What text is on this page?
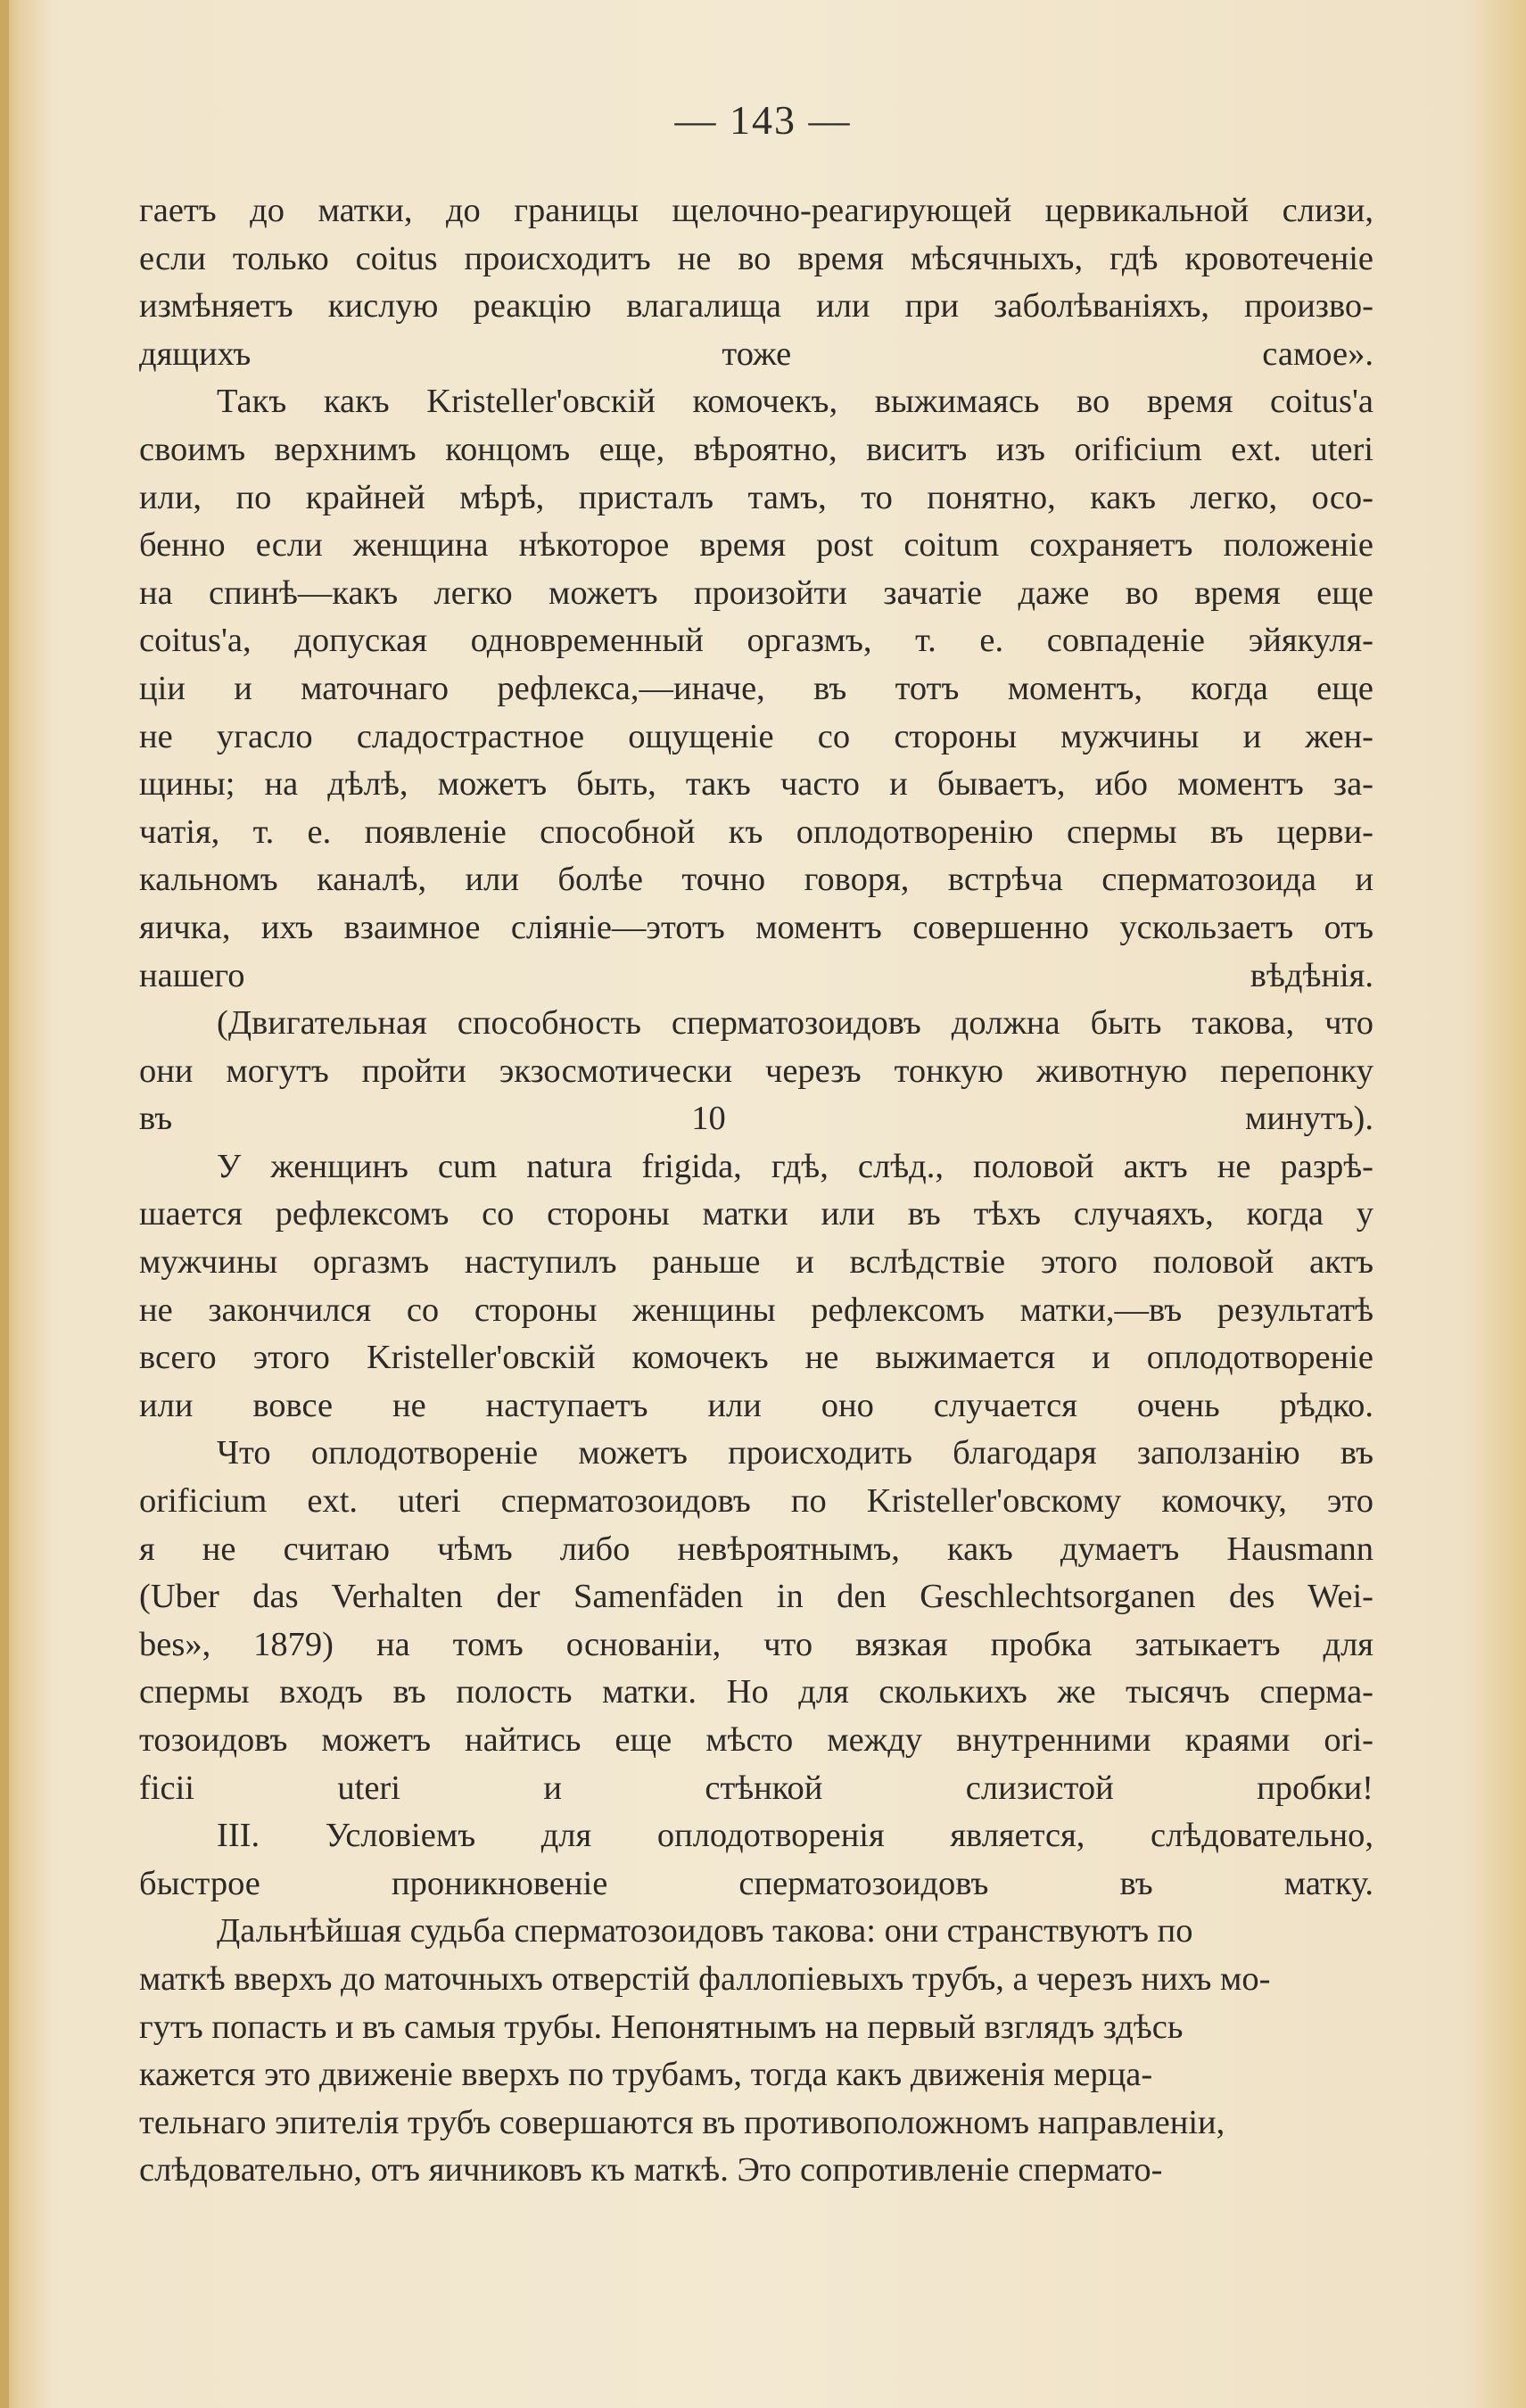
— 143 —

гаетъ до матки, до границы щелочно-реагирующей цервикальной слизи,
если только coitus происходитъ не во время мѣсячныхъ, гдѣ кровотеченіе
измѣняетъ кислую реакцію влагалища или при заболѣваніяхъ, произво-
дящихъ тоже самое».

Такъ какъ Kristeller'овскій комочекъ, выжимаясь во время coitus'а
своимъ верхнимъ концомъ еще, вѣроятно, виситъ изъ orificium ext. uteri
или, по крайней мѣрѣ, присталъ тамъ, то понятно, какъ легко, осо-
бенно если женщина нѣкоторое время post coitum сохраняетъ положеніе
на спинѣ—какъ легко можетъ произойти зачатіе даже во время еще
coitus'а, допуская одновременный оргазмъ, т. е. совпаденіе эйякуля-
ціи и маточнаго рефлекса,—иначе, въ тотъ моментъ, когда еще
не угасло сладострастное ощущеніе со стороны мужчины и жен-
щины; на дѣлѣ, можетъ быть, такъ часто и бываетъ, ибо моментъ за-
чатія, т. е. появленіе способной къ оплодотворенію спермы въ церви-
кальномъ каналѣ, или болѣе точно говоря, встрѣча сперматозоида и
яичка, ихъ взаимное сліяніе—этотъ моментъ совершенно ускользаетъ отъ
нашего вѣдѣнія.

(Двигательная способность сперматозоидовъ должна быть такова, что
они могутъ пройти экзосмотически черезъ тонкую животную перепонку
въ 10 минутъ).

У женщинъ cum natura frigida, гдѣ, слѣд., половой актъ не разрѣ-
шается рефлексомъ со стороны матки или въ тѣхъ случаяхъ, когда у
мужчины оргазмъ наступилъ раньше и вслѣдствіе этого половой актъ
не закончился со стороны женщины рефлексомъ матки,—въ результатѣ
всего этого Kristeller'овскій комочекъ не выжимается и оплодотвореніе
или вовсе не наступаетъ или оно случается очень рѣдко.

Что оплодотвореніе можетъ происходить благодаря заползанію въ
orificium ext. uteri сперматозоидовъ по Kristeller'овскому комочку, это
я не считаю чѣмъ либо невѣроятнымъ, какъ думаетъ Hausmann
(Uber das Verhalten der Samenfäden in den Geschlechtsorganen des Wei-
bes», 1879) на томъ основаніи, что вязкая пробка затыкаетъ для
спермы входъ въ полость матки. Но для сколькихъ же тысячъ сперма-
тозоидовъ можетъ найтись еще мѣсто между внутренними краями ori-
ficii uteri и стѣнкой слизистой пробки!

III. Условіемъ для оплодотворенія является, слѣдовательно,
быстрое проникновеніе сперматозоидовъ въ матку.

Дальнѣйшая судьба сперматозоидовъ такова: они странствуютъ по
маткѣ вверхъ до маточныхъ отверстій фаллопіевыхъ трубъ, а черезъ нихъ мо-
гутъ попасть и въ самыя трубы. Непонятнымъ на первый взглядъ здѣсь
кажется это движеніе вверхъ по трубамъ, тогда какъ движенія мерца-
тельнаго эпителія трубъ совершаются въ противоположномъ направленіи,
слѣдовательно, отъ яичниковъ къ маткѣ. Это сопротивленіе спермато-
